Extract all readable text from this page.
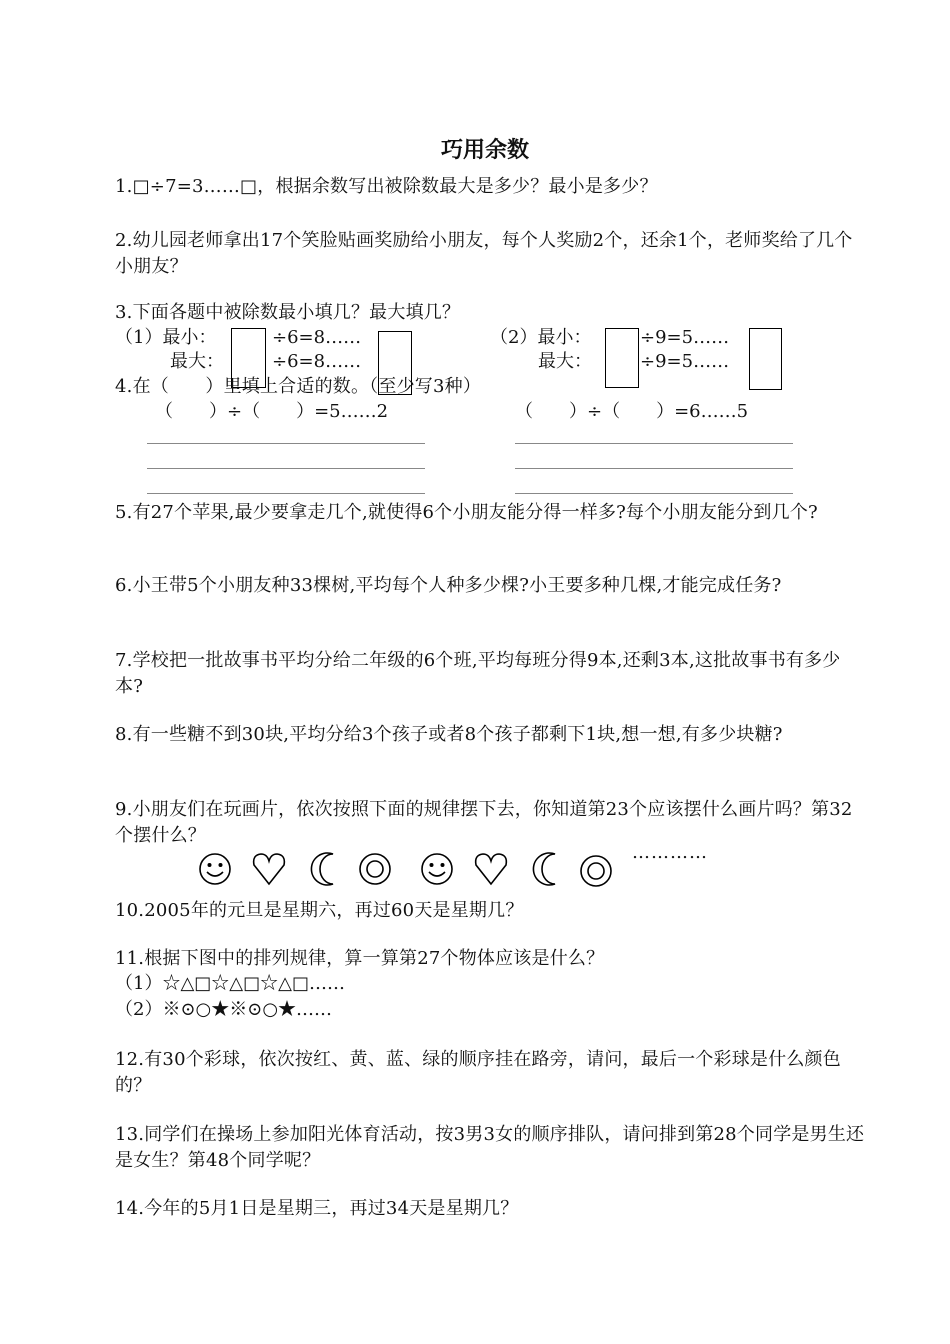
巧用余数
1.□÷7=3……□，根据余数写出被除数最大是多少？最小是多少？
2.幼儿园老师拿出17个笑脸贴画奖励给小朋友，每个人奖励2个，还余1个，老师奖给了几个小朋友？
3.下面各题中被除数最小填几？最大填几？
（1）最小：
最大：
÷6=8……
÷6=8……
（2）最小：
最大：
÷9=5……
÷9=5……
4.在（　　）里填上合适的数。（至少写3种）
（　　）÷（　　）=5……2	（　　）÷（　　）=6……5
5.有27个苹果,最少要拿走几个,就使得6个小朋友能分得一样多?每个小朋友能分到几个?
6.小王带5个小朋友种33棵树,平均每个人种多少棵?小王要多种几棵,才能完成任务?
7.学校把一批故事书平均分给二年级的6个班,平均每班分得9本,还剩3本,这批故事书有多少本?
8.有一些糖不到30块,平均分给3个孩子或者8个孩子都剩下1块,想一想,有多少块糖?
9.小朋友们在玩画片，依次按照下面的规律摆下去，你知道第23个应该摆什么画片吗？第32个摆什么？
…………
10.2005年的元旦是星期六，再过60天是星期几？
11.根据下图中的排列规律，算一算第27个物体应该是什么？
（1）☆△□☆△□☆△□……
（2）※⊙○★※⊙○★……
12.有30个彩球，依次按红、黄、蓝、绿的顺序挂在路旁，请问，最后一个彩球是什么颜色的？
13.同学们在操场上参加阳光体育活动，按3男3女的顺序排队，请问排到第28个同学是男生还是女生？第48个同学呢？
14.今年的5月1日是星期三，再过34天是星期几？
